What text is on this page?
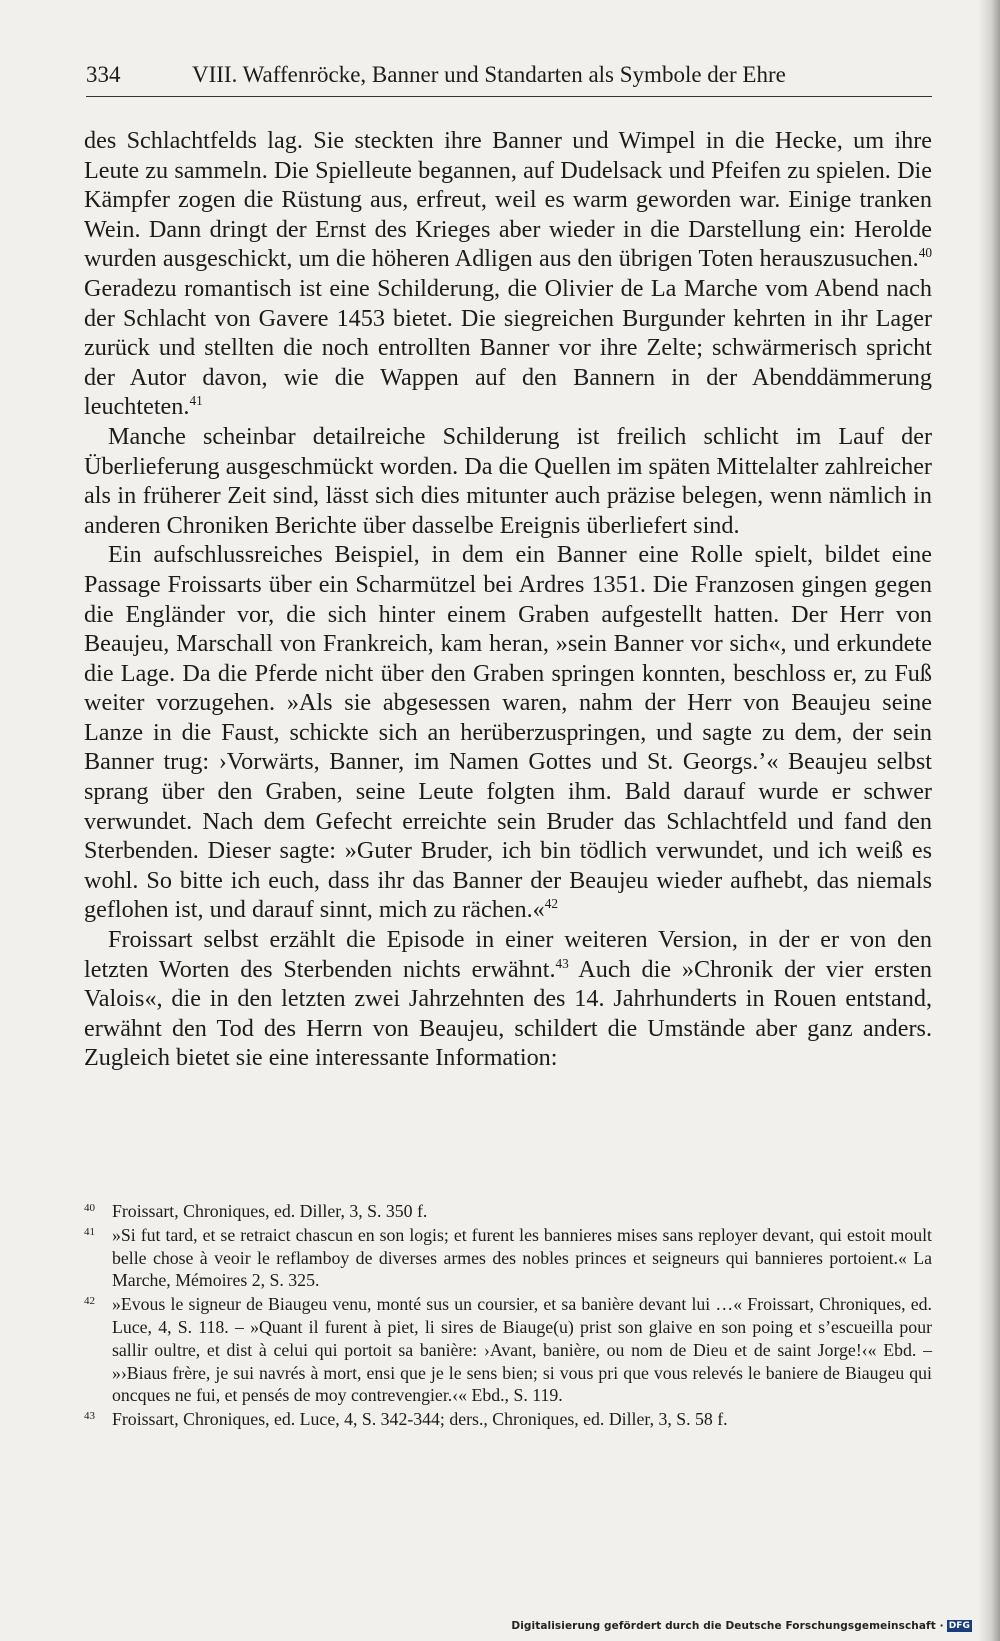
334	VIII. Waffenröcke, Banner und Standarten als Symbole der Ehre

des Schlachtfelds lag. Sie steckten ihre Banner und Wimpel in die Hecke, um ihre Leute zu sammeln. Die Spielleute begannen, auf Dudelsack und Pfeifen zu spielen. Die Kämpfer zogen die Rüstung aus, erfreut, weil es warm geworden war. Einige tranken Wein. Dann dringt der Ernst des Krieges aber wieder in die Darstellung ein: Herolde wurden ausgeschickt, um die höheren Adligen aus den übrigen Toten herauszusuchen.$^{40}$ Geradezu romantisch ist eine Schilderung, die Olivier de La Marche vom Abend nach der Schlacht von Gavere 1453 bietet. Die siegreichen Burgunder kehrten in ihr Lager zurück und stellten die noch entrollten Banner vor ihre Zelte; schwärmerisch spricht der Autor davon, wie die Wappen auf den Bannern in der Abenddämmerung leuchteten.$^{41}$

Manche scheinbar detailreiche Schilderung ist freilich schlicht im Lauf der Überlieferung ausgeschmückt worden. Da die Quellen im späten Mittelalter zahlreicher als in früherer Zeit sind, lässt sich dies mitunter auch präzise belegen, wenn nämlich in anderen Chroniken Berichte über dasselbe Ereignis überliefert sind.

Ein aufschlussreiches Beispiel, in dem ein Banner eine Rolle spielt, bildet eine Passage Froissarts über ein Scharmützel bei Ardres 1351. Die Franzosen gingen gegen die Engländer vor, die sich hinter einem Graben aufgestellt hatten. Der Herr von Beaujeu, Marschall von Frankreich, kam heran, »sein Banner vor sich«, und erkundete die Lage. Da die Pferde nicht über den Graben springen konnten, beschloss er, zu Fuß weiter vorzugehen. »Als sie abgesessen waren, nahm der Herr von Beaujeu seine Lanze in die Faust, schickte sich an herüberzuspringen, und sagte zu dem, der sein Banner trug: ›Vorwärts, Banner, im Namen Gottes und St. Georgs.’« Beaujeu selbst sprang über den Graben, seine Leute folgten ihm. Bald darauf wurde er schwer verwundet. Nach dem Gefecht erreichte sein Bruder das Schlachtfeld und fand den Sterbenden. Dieser sagte: »Guter Bruder, ich bin tödlich verwundet, und ich weiß es wohl. So bitte ich euch, dass ihr das Banner der Beaujeu wieder aufhebt, das niemals geflohen ist, und darauf sinnt, mich zu rächen.«$^{42}$

Froissart selbst erzählt die Episode in einer weiteren Version, in der er von den letzten Worten des Sterbenden nichts erwähnt.$^{43}$ Auch die »Chronik der vier ersten Valois«, die in den letzten zwei Jahrzehnten des 14. Jahrhunderts in Rouen entstand, erwähnt den Tod des Herrn von Beaujeu, schildert die Umstände aber ganz anders. Zugleich bietet sie eine interessante Information:

40 Froissart, Chroniques, ed. Diller, 3, S. 350 f.
41 »Si fut tard, et se retraict chascun en son logis; et furent les bannieres mises sans reployer devant, qui estoit moult belle chose à veoir le reflamboy de diverses armes des nobles princes et seigneurs qui bannieres portoient.« La Marche, Mémoires 2, S. 325.
42 »Evous le signeur de Biaugeu venu, monté sus un coursier, et sa banière devant lui …« Froissart, Chroniques, ed. Luce, 4, S. 118. – »Quant il furent à piet, li sires de Biauge(u) prist son glaive en son poing et s’escueilla pour sallir oultre, et dist à celui qui portoit sa banière: ›Avant, banière, ou nom de Dieu et de saint Jorge!‹« Ebd. – »›Biaus frère, je sui navrés à mort, ensi que je le sens bien; si vous pri que vous relevés le baniere de Biaugeu qui oncques ne fui, et pensés de moy contrevengier.‹« Ebd., S. 119.
43 Froissart, Chroniques, ed. Luce, 4, S. 342-344; ders., Chroniques, ed. Diller, 3, S. 58 f.
Digitalisierung gefördert durch die Deutsche Forschungsgemeinschaft · DFG
